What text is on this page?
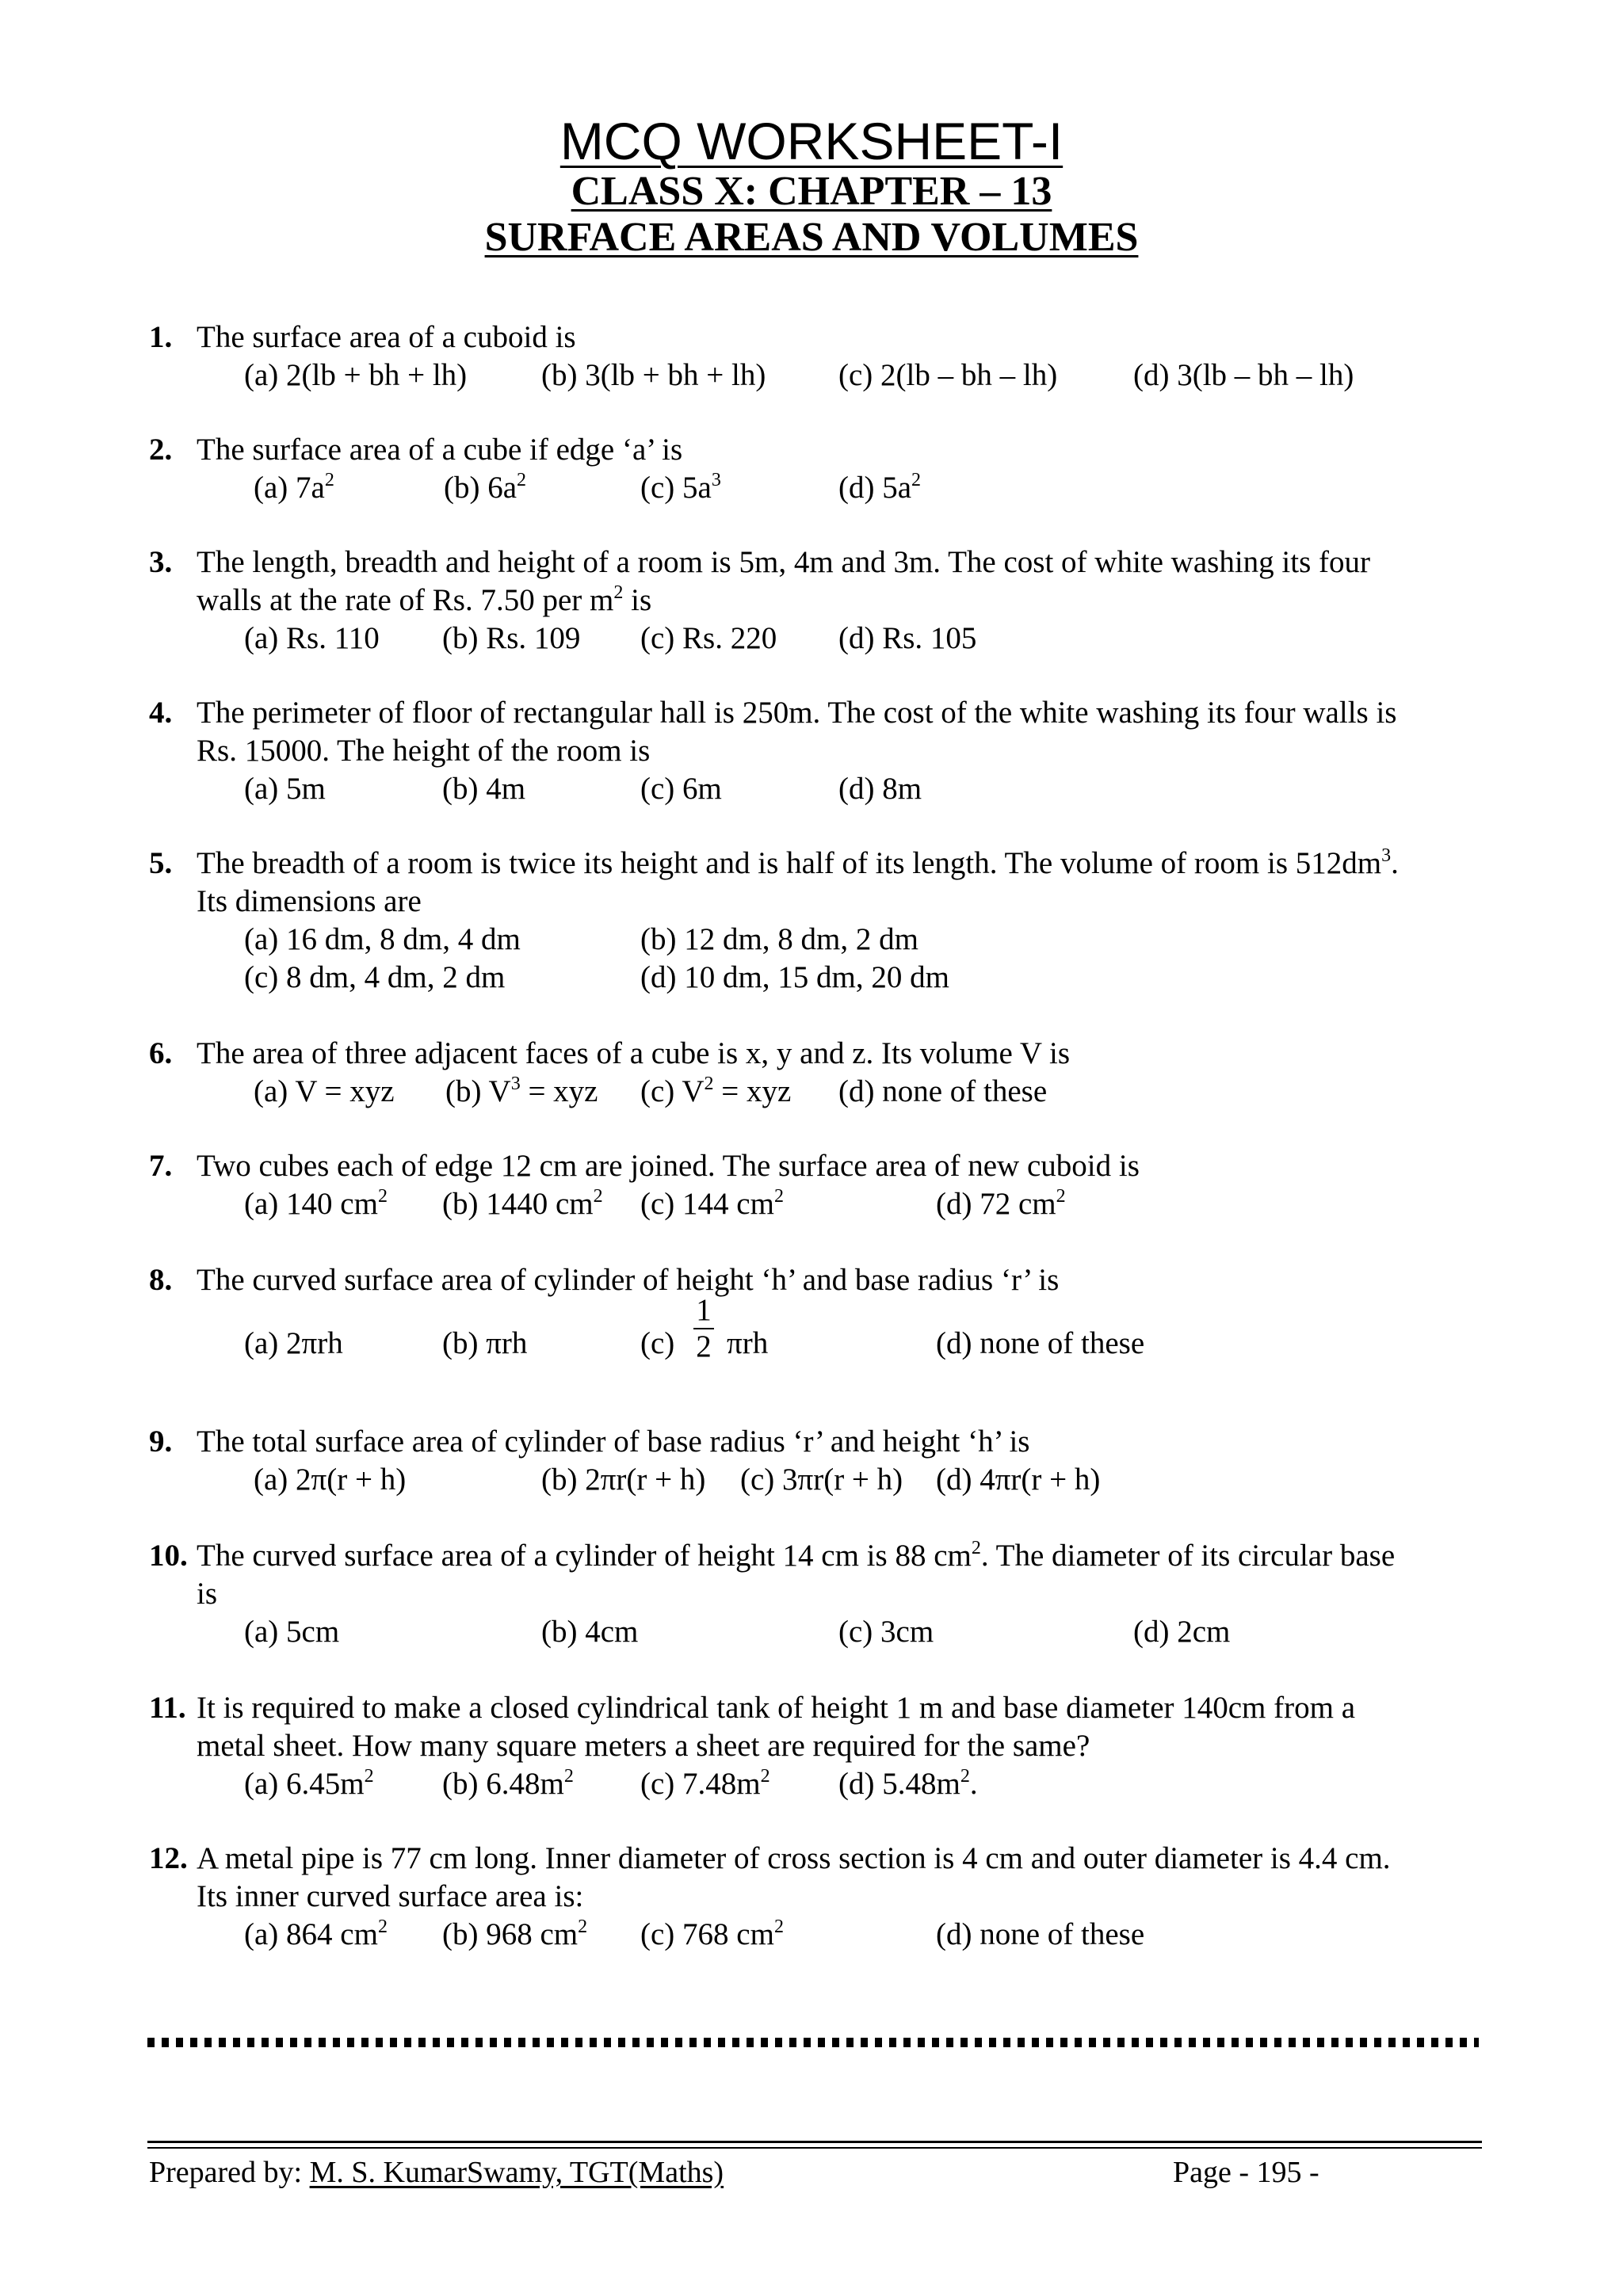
MCQ WORKSHEET-I
CLASS X: CHAPTER – 13
SURFACE AREAS AND VOLUMES
1. The surface area of a cuboid is
(a) 2(lb + bh + lh) (b) 3(lb + bh + lh) (c) 2(lb – bh – lh) (d) 3(lb – bh – lh)
2. The surface area of a cube if edge ‘a’ is
(a) $7a^2$	(b) $6a^2$	(c) $5a^3$	(d) $5a^2$
3. The length, breadth and height of a room is 5m, 4m and 3m. The cost of white washing its four
walls at the rate of Rs. 7.50 per $m^2$ is
(a) Rs. 110 (b) Rs. 109 (c) Rs. 220 (d) Rs. 105
4. The perimeter of floor of rectangular hall is 250m. The cost of the white washing its four walls is
Rs. 15000. The height of the room is
(a) 5m	(b) 4m	(c) 6m	(d) 8m
5. The breadth of a room is twice its height and is half of its length. The volume of room is $512dm^3$.
Its dimensions are
(a) 16 dm, 8 dm, 4 dm	(b) 12 dm, 8 dm, 2 dm
(c) 8 dm, 4 dm, 2 dm	(d) 10 dm, 15 dm, 20 dm
6. The area of three adjacent faces of a cube is x, y and z. Its volume V is
(a) V = xyz (b) $V^3$ = xyz (c) $V^2$ = xyz (d) none of these
7. Two cubes each of edge 12 cm are joined. The surface area of new cuboid is
(a) 140 $cm^2$ (b) 1440 $cm^2$ (c) 144 $cm^2$	(d) 72 $cm^2$
8. The curved surface area of cylinder of height ‘h’ and base radius ‘r’ is
(a) 2πrh	(b) πrh	(c)
1
2 πrh	(d) none of these
9. The total surface area of cylinder of base radius ‘r’ and height ‘h’ is
(a) 2π(r + h)	(b) 2πr(r + h) (c) 3πr(r + h) (d) 4πr(r + h)
10. The curved surface area of a cylinder of height 14 cm is 88 $cm^2$. The diameter of its circular base
is
(a) 5cm	(b) 4cm	(c) 3cm	(d) 2cm
11. It is required to make a closed cylindrical tank of height 1 m and base diameter 140cm from a
metal sheet. How many square meters a sheet are required for the same?
(a) $6.45m^2$ (b) $6.48m^2$ (c) $7.48m^2$ (d) $5.48m^2$.
12. A metal pipe is 77 cm long. Inner diameter of cross section is 4 cm and outer diameter is 4.4 cm.
Its inner curved surface area is:
(a) 864 $cm^2$ (b) 968 $cm^2$ (c) 768 $cm^2$	(d) none of these
Prepared by: M. S. KumarSwamy, TGT(Maths)	Page - 195 -
